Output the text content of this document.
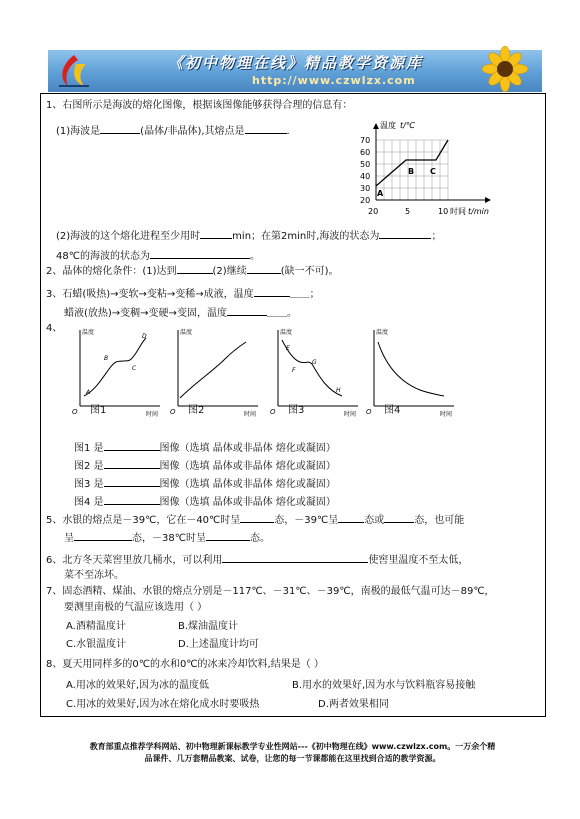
《初中物理在线》精品教学资源库
http://www.czwlzx.com
1、右图所示是海波的熔化图像，根据该图像能够获得合理的信息有：
(1)海波是	(晶体/非晶体),其熔点是	.
温度 t/℃
70
60
50
40
30
20
20	5	10 时间 t/min
A
B C
(2)海波的这个熔化进程至少用时	min；在第2min时,海波的状态为	；
48℃的海波的状态为	。
2、晶体的熔化条件：(1)达到	(2)继续	(缺一不可)。
3、石蜡(吸热)→变软→变粘→变稀→成液，温度	＿＿；
蜡液(放热)→变稠→变硬→变固，温度	＿＿。
4、	温度
时间
O
A
B
C
D
图1
温度
时间
O 图2
温度
时间
O
E
F
G
H
图3
温度
时间
O 图4
图1 是	图像（选填 晶体或非晶体 熔化或凝固）
图2 是	图像（选填 晶体或非晶体 熔化或凝固）
图3 是	图像（选填 晶体或非晶体 熔化或凝固）
图4 是	图像（选填 晶体或非晶体 熔化或凝固）
5、水银的熔点是－39℃，它在－40℃时呈	态，－39℃呈	态或	态，也可能
呈	态，－38℃时呈	态。
6、北方冬天菜窖里放几桶水，可以利用	使窖里温度不至太低，
菜不至冻坏。
7、固态酒精、煤油、水银的熔点分别是－117℃、－31℃、－39℃，南极的最低气温可达－89℃，
要测里南极的气温应该选用（ ）
A.酒精温度计	B.煤油温度计
C.水银温度计	D.上述温度计均可
8、夏天用同样多的0℃的水和0℃的冰来冷却饮料,结果是（ ）
A.用冰的效果好,因为冰的温度低	B.用水的效果好,因为水与饮料瓶容易接触
C.用冰的效果好,因为冰在熔化成水时要吸热	D.两者效果相同
教育部重点推荐学科网站、初中物理新课标教学专业性网站---《初中物理在线》www.czwlzx.com。一万余个精
品课件、几万套精品教案、试卷，让您的每一节课都能在这里找到合适的教学资源。
